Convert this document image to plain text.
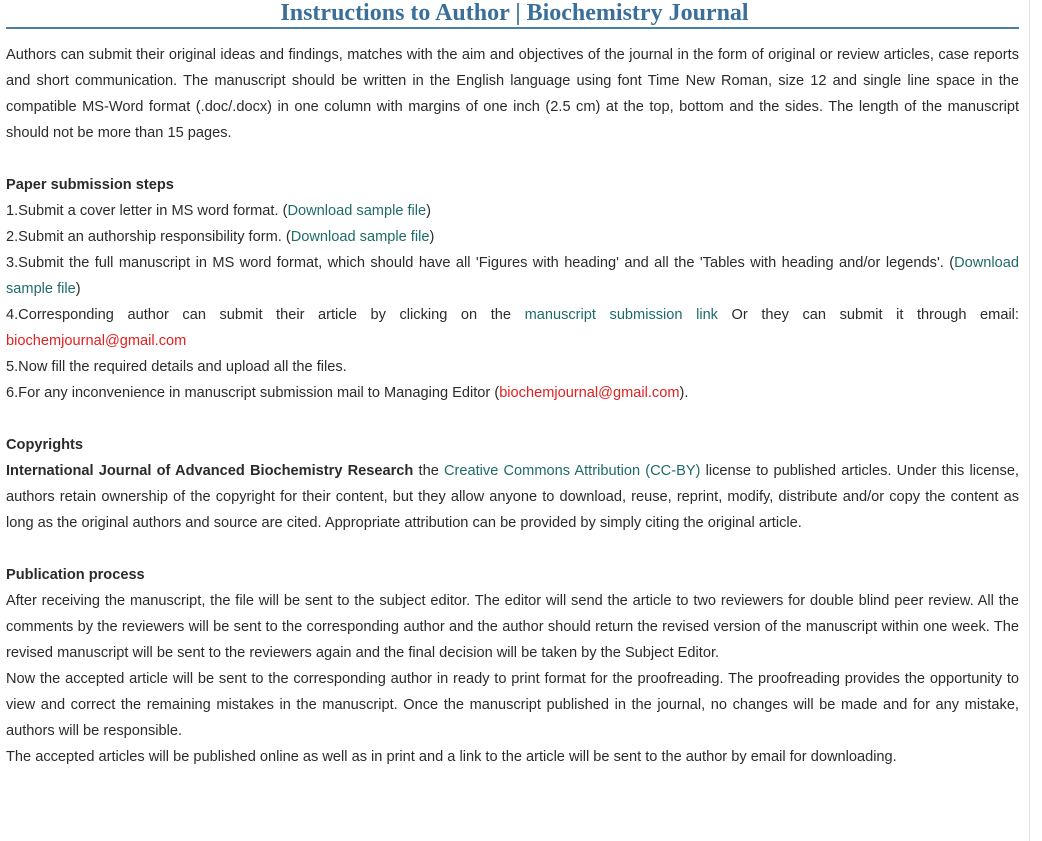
Instructions to Author | Biochemistry Journal

Authors can submit their original ideas and findings, matches with the aim and objectives of the journal in the form of original or review articles, case reports and short communication. The manuscript should be written in the English language using font Time New Roman, size 12 and single line space in the compatible MS-Word format (.doc/.docx) in one column with margins of one inch (2.5 cm) at the top, bottom and the sides. The length of the manuscript should not be more than 15 pages.

Paper submission steps

1.Submit a cover letter in MS word format. (Download sample file)

2.Submit an authorship responsibility form. (Download sample file)

3.Submit the full manuscript in MS word format, which should have all 'Figures with heading' and all the 'Tables with heading and/or legends'. (Download sample file)

4.Corresponding author can submit their article by clicking on the manuscript submission link Or they can submit it through email: biochemjournal@gmail.com

5.Now fill the required details and upload all the files.

6.For any inconvenience in manuscript submission mail to Managing Editor (biochemjournal@gmail.com).

Copyrights

International Journal of Advanced Biochemistry Research the Creative Commons Attribution (CC-BY) license to published articles. Under this license, authors retain ownership of the copyright for their content, but they allow anyone to download, reuse, reprint, modify, distribute and/or copy the content as long as the original authors and source are cited. Appropriate attribution can be provided by simply citing the original article.

Publication process

After receiving the manuscript, the file will be sent to the subject editor. The editor will send the article to two reviewers for double blind peer review. All the comments by the reviewers will be sent to the corresponding author and the author should return the revised version of the manuscript within one week. The revised manuscript will be sent to the reviewers again and the final decision will be taken by the Subject Editor.

Now the accepted article will be sent to the corresponding author in ready to print format for the proofreading. The proofreading provides the opportunity to view and correct the remaining mistakes in the manuscript. Once the manuscript published in the journal, no changes will be made and for any mistake, authors will be responsible.

The accepted articles will be published online as well as in print and a link to the article will be sent to the author by email for downloading.
